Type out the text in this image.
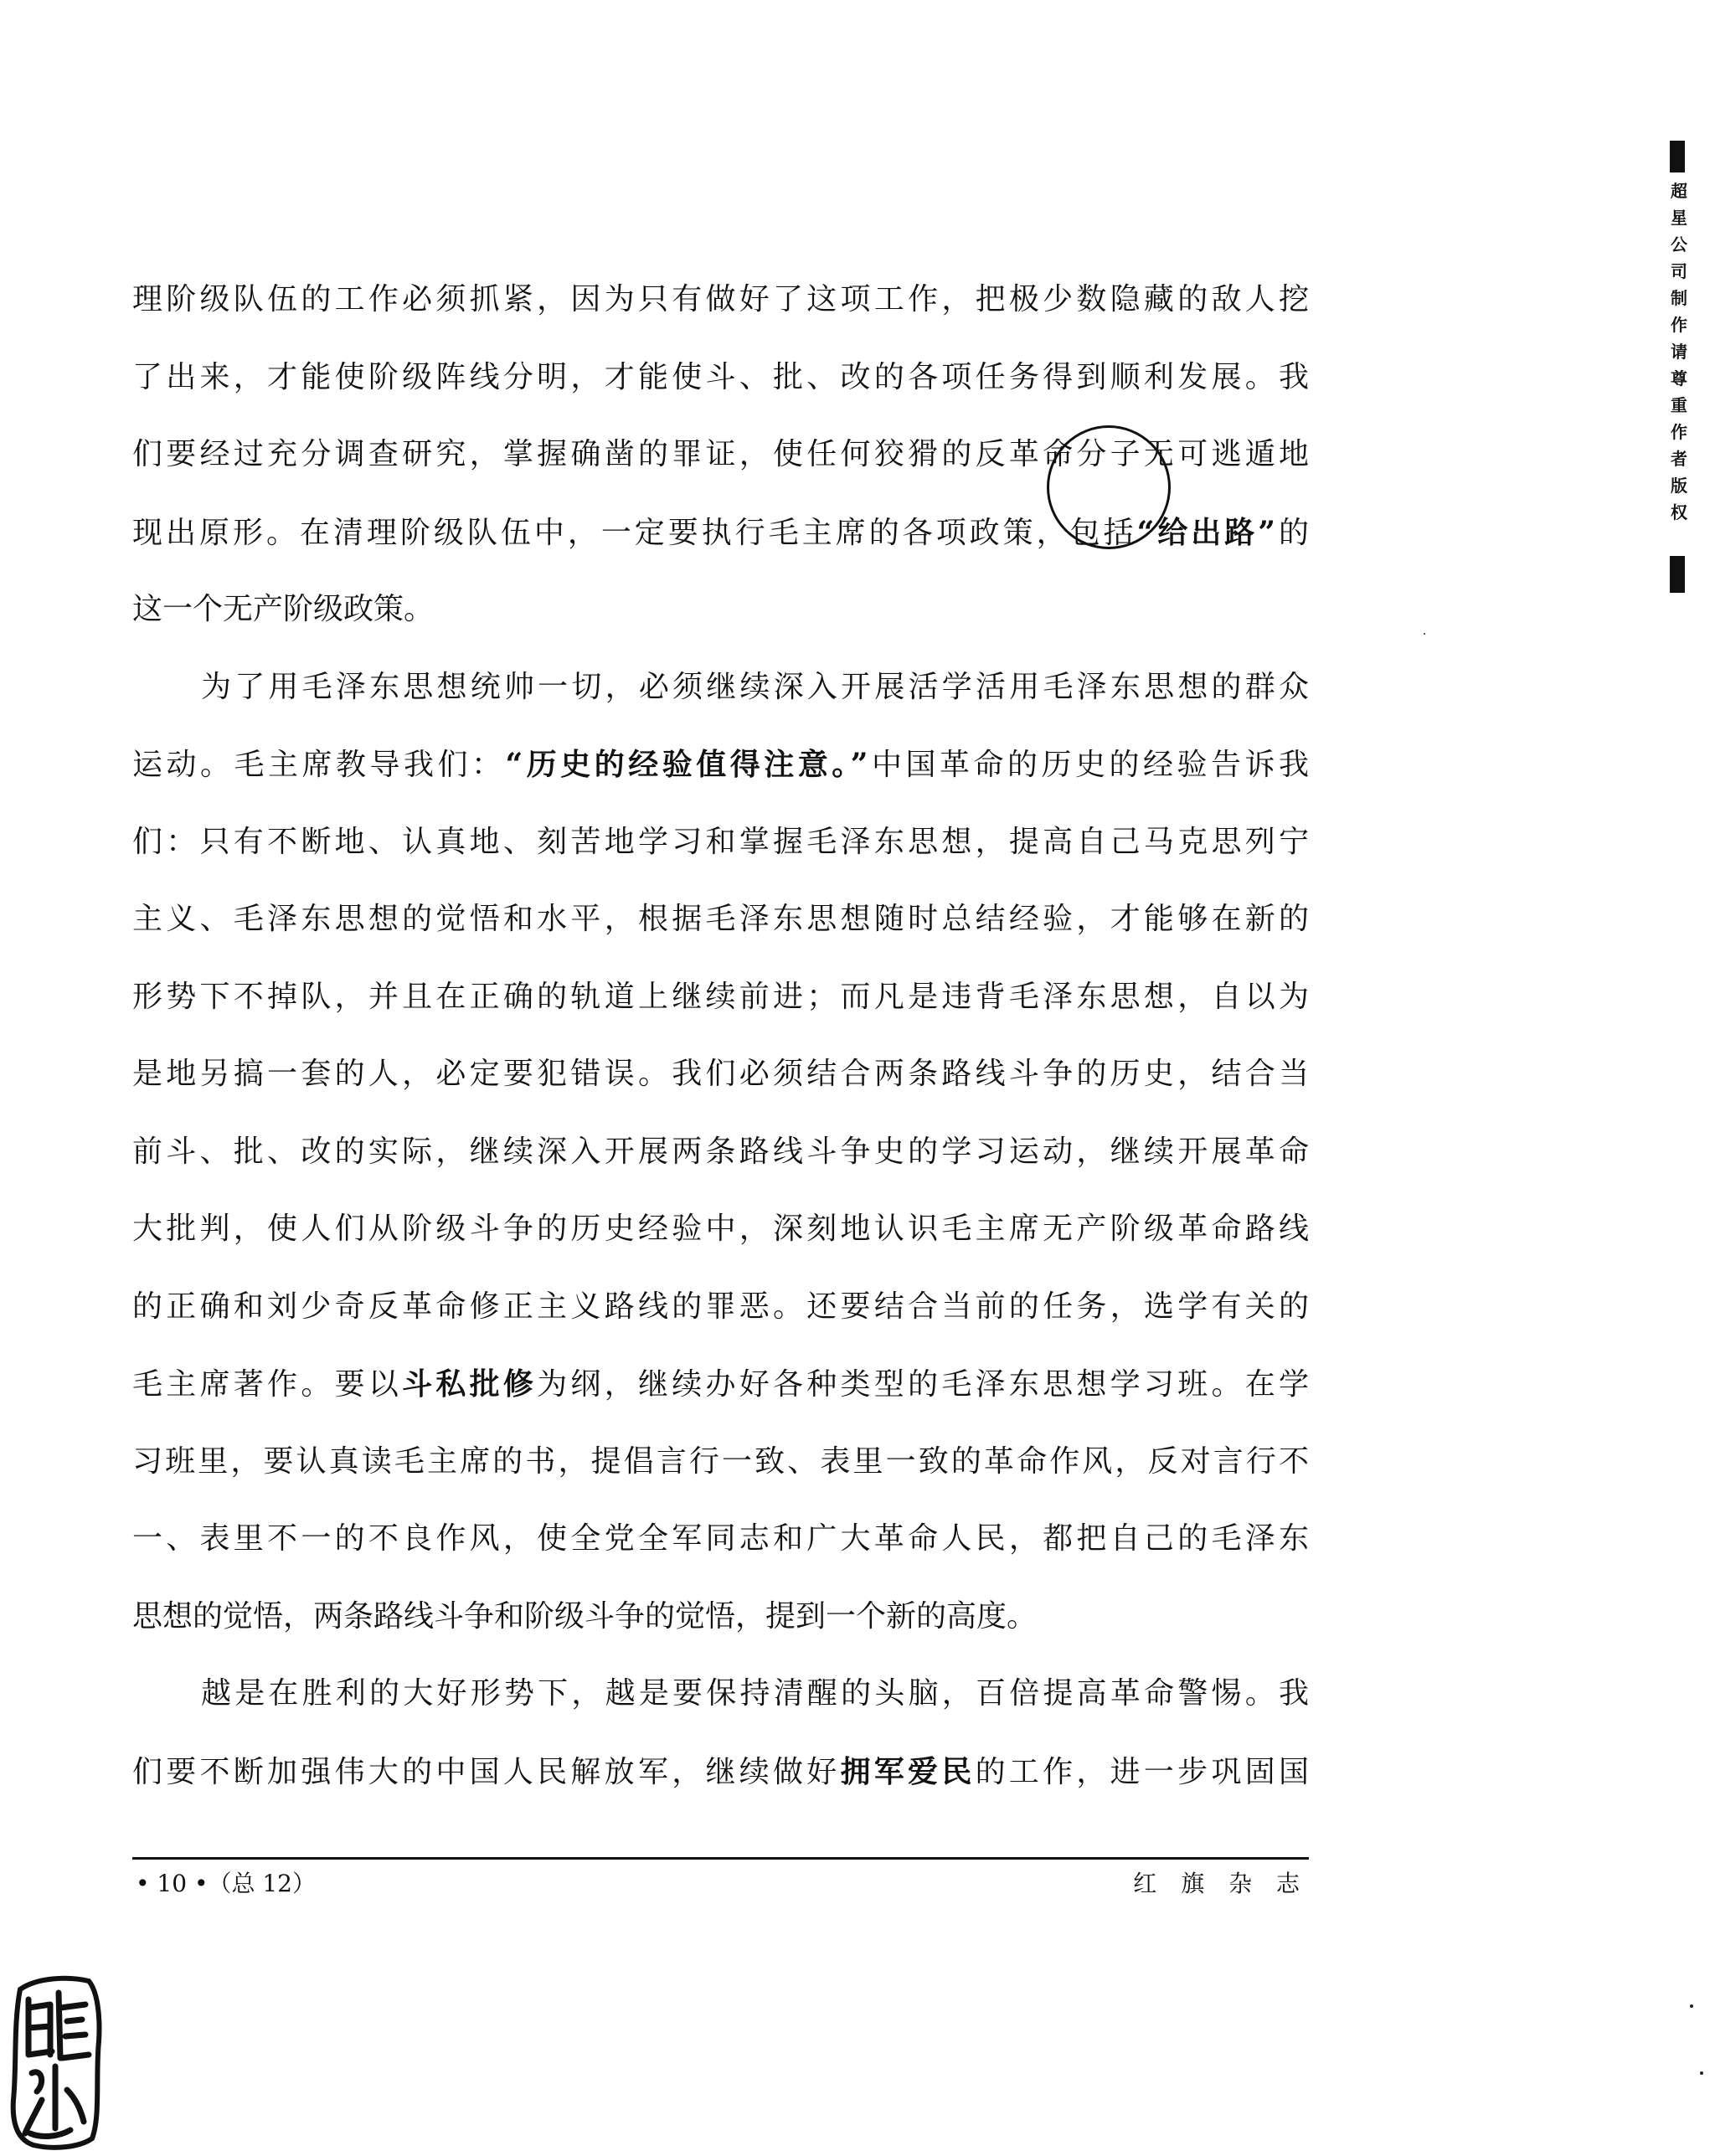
理阶级队伍的工作必须抓紧，因为只有做好了这项工作，把极少数隐藏的敌人挖
了出来，才能使阶级阵线分明，才能使斗、批、改的各项任务得到顺利发展。我
们要经过充分调查研究，掌握确凿的罪证，使任何狡猾的反革命分子无可逃遁地
现出原形。在清理阶级队伍中，一定要执行毛主席的各项政策，包括“给出路”的
这一个无产阶级政策。
为了用毛泽东思想统帅一切，必须继续深入开展活学活用毛泽东思想的群众
运动。毛主席教导我们：“历史的经验值得注意。”中国革命的历史的经验告诉我
们：只有不断地、认真地、刻苦地学习和掌握毛泽东思想，提高自己马克思列宁
主义、毛泽东思想的觉悟和水平，根据毛泽东思想随时总结经验，才能够在新的
形势下不掉队，并且在正确的轨道上继续前进；而凡是违背毛泽东思想，自以为
是地另搞一套的人，必定要犯错误。我们必须结合两条路线斗争的历史，结合当
前斗、批、改的实际，继续深入开展两条路线斗争史的学习运动，继续开展革命
大批判，使人们从阶级斗争的历史经验中，深刻地认识毛主席无产阶级革命路线
的正确和刘少奇反革命修正主义路线的罪恶。还要结合当前的任务，选学有关的
毛主席著作。要以斗私批修为纲，继续办好各种类型的毛泽东思想学习班。在学
习班里，要认真读毛主席的书，提倡言行一致、表里一致的革命作风，反对言行不
一、表里不一的不良作风，使全党全军同志和广大革命人民，都把自己的毛泽东
思想的觉悟，两条路线斗争和阶级斗争的觉悟，提到一个新的高度。
越是在胜利的大好形势下，越是要保持清醒的头脑，百倍提高革命警惕。我
们要不断加强伟大的中国人民解放军，继续做好拥军爱民的工作，进一步巩固国
• 10 •（总 12）	红 旗 杂 志
超星公司制作请尊重作者版权
